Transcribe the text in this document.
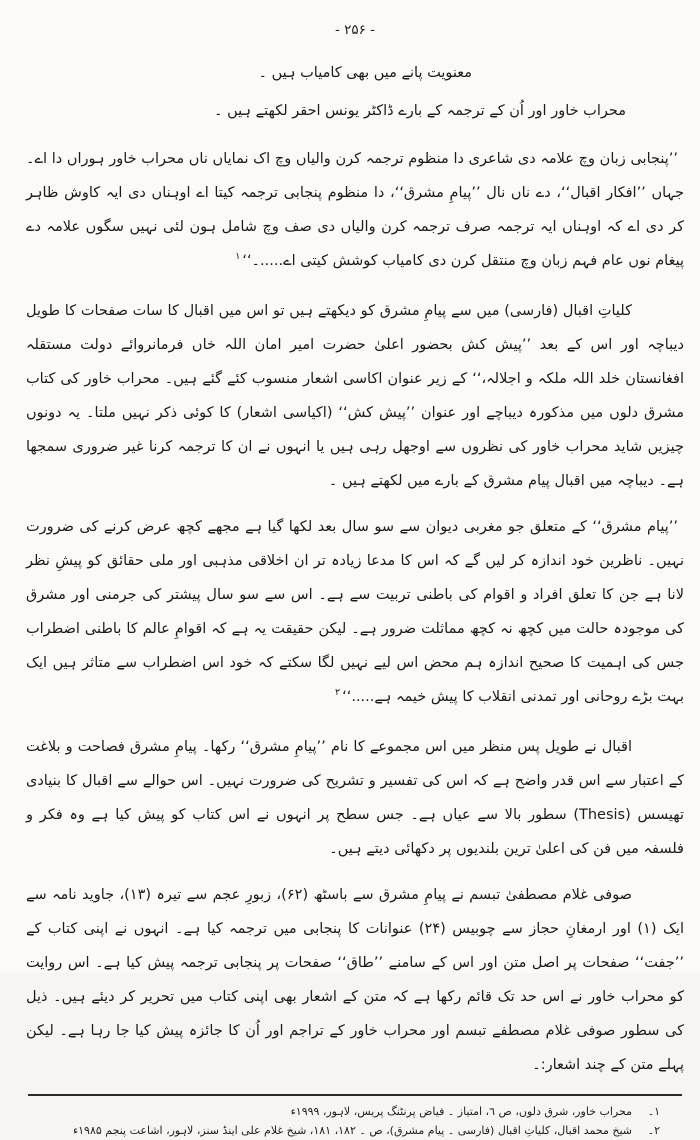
- ۲۵۶ -

معنویت پانے میں بھی کامیاب ہیں ۔

محراب خاور اور اُن کے ترجمہ کے بارے ڈاکٹر یونس احقر لکھتے ہیں ۔

’’پنجابی زبان وچ علامہ دی شاعری دا منظوم ترجمہ کرن والیاں وچ اک نمایاں ناں محراب خاور ہوراں دا اے۔ جہاں ’’افکار اقبال‘‘، دے ناں نال ’’پیامِ مشرق‘‘، دا منظوم پنجابی ترجمہ کیتا اے اوہناں دی ایہ کاوش ظاہر کر دی اے کہ اوہناں ایہ ترجمہ صرف ترجمہ کرن والیاں دی صف وچ شامل ہون لئی نہیں سگوں علامہ دے پیغام نوں عام فہم زبان وچ منتقل کرن دی کامیاب کوشش کیتی اے.....۔‘‘$^۱$

کلیاتِ اقبال (فارسی) میں سے پیامِ مشرق کو دیکھتے ہیں تو اس میں اقبال کا سات صفحات کا طویل دیباچہ اور اس کے بعد ’’پیش کش بحضور اعلیٰ حضرت امیر امان اللہ خاں فرمانروائے دولت مستقلہ افغانستان خلد اللہ ملکہ و اجلالہ،‘‘ کے زیر عنوان اکاسی اشعار منسوب کئے گئے ہیں۔ محراب خاور کی کتاب مشرق دلوں میں مذکورہ دیباچے اور عنوان ’’پیش کش‘‘ (اکیاسی اشعار) کا کوئی ذکر نہیں ملتا۔ یہ دونوں چیزیں شاید محراب خاور کی نظروں سے اوجھل رہی ہیں یا انہوں نے ان کا ترجمہ کرنا غیر ضروری سمجھا ہے۔ دیباچہ میں اقبال پیام مشرق کے بارے میں لکھتے ہیں ۔

’’پیام مشرق‘‘ کے متعلق جو مغربی دیوان سے سو سال بعد لکھا گیا ہے مجھے کچھ عرض کرنے کی ضرورت نہیں۔ ناظرین خود اندازہ کر لیں گے کہ اس کا مدعا زیادہ تر ان اخلاقی مذہبی اور ملی حقائق کو پیشِ نظر لانا ہے جن کا تعلق افراد و اقوام کی باطنی تربیت سے ہے۔ اس سے سو سال پیشتر کی جرمنی اور مشرق کی موجودہ حالت میں کچھ نہ کچھ مماثلت ضرور ہے۔ لیکن حقیقت یہ ہے کہ اقوامِ عالم کا باطنی اضطراب جس کی اہمیت کا صحیح اندازہ ہم محض اس لیے نہیں لگا سکتے کہ خود اس اضطراب سے متاثر ہیں ایک بہت بڑے روحانی اور تمدنی انقلاب کا پیش خیمہ ہے.....‘‘$^۲$

اقبال نے طویل پس منظر میں اس مجموعے کا نام ’’پیامِ مشرق‘‘ رکھا۔ پیامِ مشرق فصاحت و بلاغت کے اعتبار سے اس قدر واضح ہے کہ اس کی تفسیر و تشریح کی ضرورت نہیں۔ اس حوالے سے اقبال کا بنیادی تھیسس (Thesis) سطور بالا سے عیاں ہے۔ جس سطح پر انہوں نے اس کتاب کو پیش کیا ہے وہ فکر و فلسفہ میں فن کی اعلیٰ ترین بلندیوں پر دکھائی دیتے ہیں۔

صوفی غلام مصطفیٰ تبسم نے پیامِ مشرق سے باسٹھ (۶۲)، زبورِ عجم سے تیرہ (۱۳)، جاوید نامہ سے ایک (۱) اور ارمغانِ حجاز سے چوبیس (۲۴) عنوانات کا پنجابی میں ترجمہ کیا ہے۔ انہوں نے اپنی کتاب کے ’’جفت‘‘ صفحات پر اصل متن اور اس کے سامنے ’’طاق‘‘ صفحات پر پنجابی ترجمہ پیش کیا ہے۔ اس روایت کو محراب خاور نے اس حد تک قائم رکھا ہے کہ متن کے اشعار بھی اپنی کتاب میں تحریر کر دیئے ہیں۔ ذیل کی سطور صوفی غلام مصطفے تبسم اور محراب خاور کے تراجم اور اُن کا جائزہ پیش کیا جا رہا ہے۔ لیکن پہلے متن کے چند اشعار:۔

۱۔
محراب خاور، شرق دلوں، ص ٦، امتیاز ۔ فیاض پرنٹنگ پریس، لاہور، ۱۹۹۹ء
۲۔
شیخ محمد اقبال، کلیاتِ اقبال (فارسی ۔ پیام مشرق)، ص ۔ ۱۸۲، ۱۸۱، شیخ غلام علی اینڈ سنز، لاہور، اشاعت پنجم ۱۹۸۵ء
